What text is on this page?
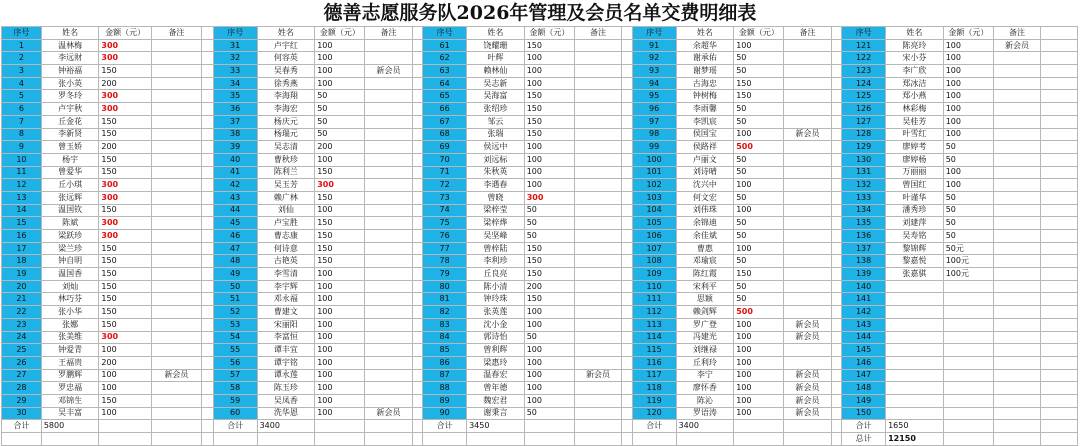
德善志愿服务队2026年管理及会员名单交费明细表
序号	姓名	金额（元）	备注		序号	姓名	金额（元）	备注		序号	姓名	金额（元）	备注		序号	姓名	金额（元）	备注		序号	姓名	金额（元）	备注	
1	温林梅	300			31	卢宇红	100			61	饶耀珊	150			91	余超华	100			121	陈亮玲	100	新会员	
2	李远财	300			32	何容英	100			62	叶辉	100			92	谢承佑	50			122	宋小芬	100		
3	钟裕福	150			33	吴春秀	100	新会员		63	赖林仙	100			93	谢梦瑶	50			123	李广欣	100		
4	张小英	200			34	徐秀燕	100			64	吴志新	100			94	古海忠	150			124	郑冰洁	100		
5	罗冬玲	300			35	李海翔	50			65	吴海富	150			95	钟树梅	150			125	郑小燕	100		
6	卢宇秋	300			36	李海宏	50			66	张绍珍	150			96	李雨馨	50			126	林彩梅	100		
7	丘金花	150			37	杨庆元	50			67	邹云	150			97	李凯宸	50			127	吴桂芳	100		
8	李新贤	150			38	杨瑞元	50			68	张瑞	150			98	侯国宝	100	新会员		128	叶雪红	100		
9	曾玉娇	200			39	吴志清	200			69	侯远中	100			99	侯路祥	500			129	廖婷考	50		
10	杨宇	150			40	曹秋珍	100			70	刘远标	100			100	卢丽文	50			130	廖婷杨	50		
11	曾爱华	150			41	陈利兰	150			71	朱秋英	100			101	刘诗晴	50			131	万丽丽	100		
12	丘小琪	300			42	吴玉芳	300			72	李遇春	100			102	沈兴中	100			132	曾国红	100		
13	张远辉	300			43	赖广林	150			73	曾晓	300			103	何文宏	50			133	叶谨华	50		
14	温国钦	150			44	刘仙	100			74	梁梓莹	50			104	刘伟珠	100			134	潘秀珍	50		
15	陈斌	300			45	卢宝胜	150			75	梁梓烨	50			105	余锦迪	50			135	刘建萍	50		
16	梁跃珍	300			46	曹志康	150			76	吴坚峰	50			106	余佳斌	50			136	吴寿铭	50		
17	梁兰珍	150			47	何诗意	150			77	曾梓陆	150			107	曹惠	100			137	黎锦辉	50元		
18	钟自明	150			48	古艳英	150			78	李利珍	150			108	邓瑜宸	50			138	黎嘉悦	100元		
19	温国香	150			49	李雪清	100			79	丘良亮	150			109	陈红霞	150			139	张嘉骐	100元		
20	刘灿	150			50	李宇辉	100			80	陈小清	200			110	宋利平	50			140				
21	林巧芬	150			51	邓永福	100			81	钟玲珠	150			111	思颖	50			141				
22	张小华	150			52	曹建文	100			82	张英莲	100			112	赖剑辉	500			142				
23	张娜	150			53	宋丽阳	100			83	沈小金	100			113	罗广登	100	新会员		143				
24	张美维	300			54	李富恒	100			84	郭诗怡	50			114	冯建光	100	新会员		144				
25	钟爱青	100			55	谭丰宜	100			85	曾利辉	100			115	刘继禄	100			145				
26	王福贵	200			56	谭宇铭	100			86	梁惠玲	100			116	丘利玲	100			146				
27	罗鹏辉	100	新会员		57	谭永莲	100			87	温春宏	100	新会员		117	李宁	100	新会员		147				
28	罗忠福	100			58	陈玉珍	100			88	曾年德	100			118	廖怀香	100	新会员		148				
29	邓锦生	150			59	吴凤香	100			89	魏宏君	100			119	陈沁	100	新会员		149				
30	吴丰富	100			60	洗华恩	100	新会员		90	谢秉言	50			120	罗语涛	100	新会员		150				
合计	5800				合计	3400				合计	3450				合计	3400				合计	1650			
																				总计	12150			
